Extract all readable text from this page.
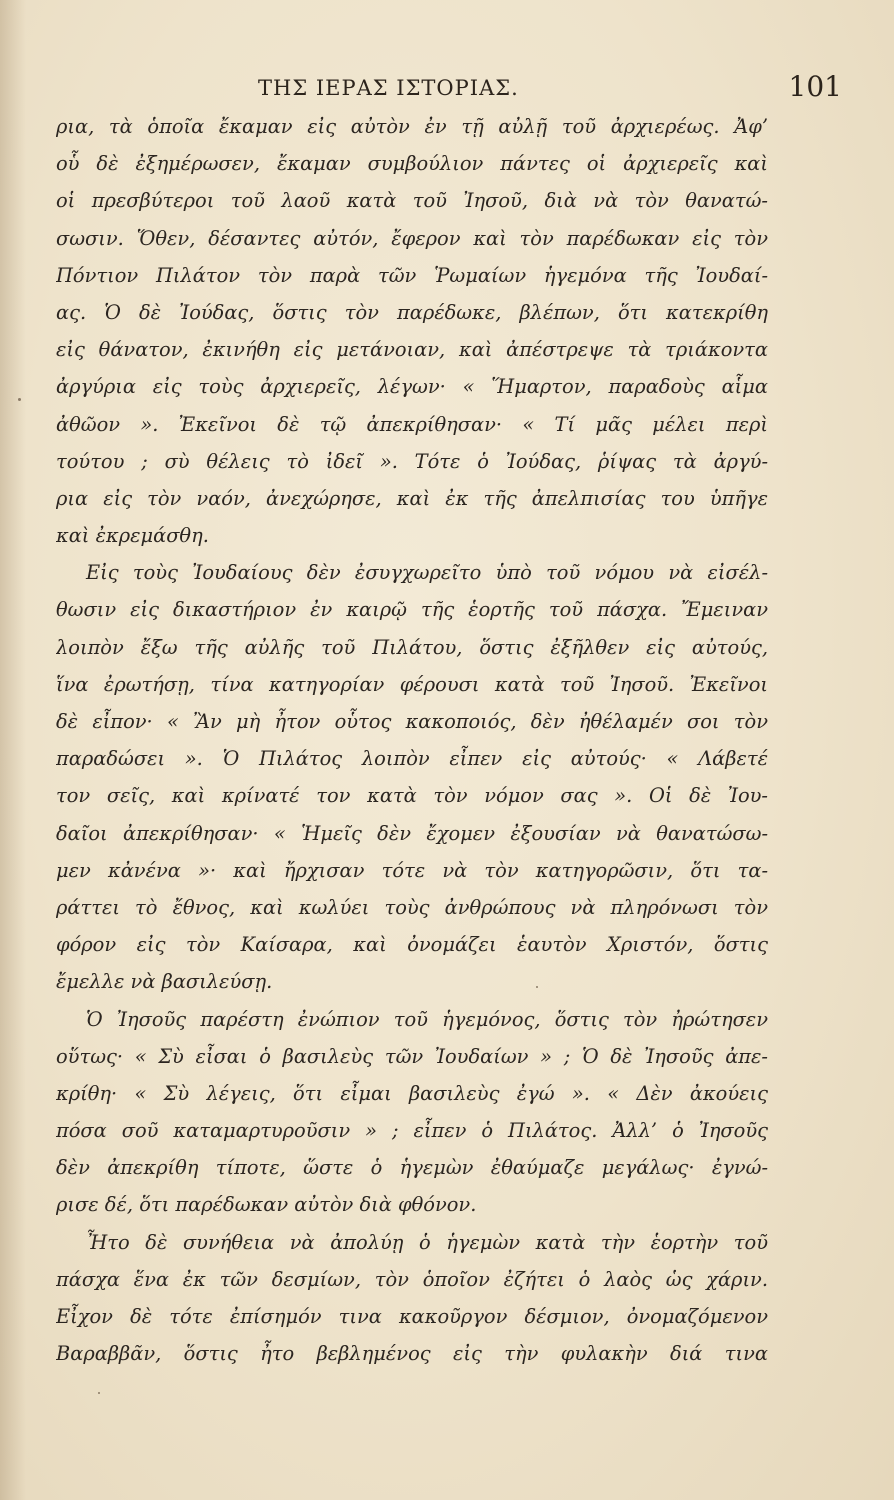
ΤΗΣ ΙΕΡΑΣ ΙΣΤΟΡΙΑΣ.	101
ρια, τὰ ὁποῖα ἔκαμαν εἰς αὐτὸν ἐν τῇ αὐλῇ τοῦ ἀρχιερέως. Ἀφ’
οὗ δὲ ἐξημέρωσεν, ἔκαμαν συμβούλιον πάντες οἱ ἀρχιερεῖς καὶ
οἱ πρεσβύτεροι τοῦ λαοῦ κατὰ τοῦ Ἰησοῦ, διὰ νὰ τὸν θανατώ-
σωσιν. Ὅθεν, δέσαντες αὐτόν, ἔφερον καὶ τὸν παρέδωκαν εἰς τὸν
Πόντιον Πιλάτον τὸν παρὰ τῶν Ῥωμαίων ἡγεμόνα τῆς Ἰουδαί-
ας. Ὁ δὲ Ἰούδας, ὅστις τὸν παρέδωκε, βλέπων, ὅτι κατεκρίθη
εἰς θάνατον, ἐκινήθη εἰς μετάνοιαν, καὶ ἀπέστρεψε τὰ τριάκοντα
ἀργύρια εἰς τοὺς ἀρχιερεῖς, λέγων· « Ἥμαρτον, παραδοὺς αἷμα
ἀθῶον ». Ἐκεῖνοι δὲ τῷ ἀπεκρίθησαν· « Τί μᾶς μέλει περὶ
τούτου ; σὺ θέλεις τὸ ἰδεῖ ». Τότε ὁ Ἰούδας, ῥίψας τὰ ἀργύ-
ρια εἰς τὸν ναόν, ἀνεχώρησε, καὶ ἐκ τῆς ἀπελπισίας του ὑπῆγε
καὶ ἐκρεμάσθη.
Εἰς τοὺς Ἰουδαίους δὲν ἐσυγχωρεῖτο ὑπὸ τοῦ νόμου νὰ εἰσέλ-
θωσιν εἰς δικαστήριον ἐν καιρῷ τῆς ἑορτῆς τοῦ πάσχα. Ἔμειναν
λοιπὸν ἔξω τῆς αὐλῆς τοῦ Πιλάτου, ὅστις ἐξῆλθεν εἰς αὐτούς,
ἵνα ἐρωτήσῃ, τίνα κατηγορίαν φέρουσι κατὰ τοῦ Ἰησοῦ. Ἐκεῖνοι
δὲ εἶπον· « Ἂν μὴ ἦτον οὗτος κακοποιός, δὲν ἠθέλαμέν σοι τὸν
παραδώσει ». Ὁ Πιλάτος λοιπὸν εἶπεν εἰς αὐτούς· « Λάβετέ
τον σεῖς, καὶ κρίνατέ τον κατὰ τὸν νόμον σας ». Οἱ δὲ Ἰου-
δαῖοι ἀπεκρίθησαν· « Ἡμεῖς δὲν ἔχομεν ἐξουσίαν νὰ θανατώσω-
μεν κἀνένα »· καὶ ἤρχισαν τότε νὰ τὸν κατηγορῶσιν, ὅτι τα-
ράττει τὸ ἔθνος, καὶ κωλύει τοὺς ἀνθρώπους νὰ πληρόνωσι τὸν
φόρον εἰς τὸν Καίσαρα, καὶ ὀνομάζει ἑαυτὸν Χριστόν, ὅστις
ἔμελλε νὰ βασιλεύσῃ.
Ὁ Ἰησοῦς παρέστη ἐνώπιον τοῦ ἡγεμόνος, ὅστις τὸν ἠρώτησεν
οὕτως· « Σὺ εἶσαι ὁ βασιλεὺς τῶν Ἰουδαίων » ; Ὁ δὲ Ἰησοῦς ἀπε-
κρίθη· « Σὺ λέγεις, ὅτι εἶμαι βασιλεὺς ἐγώ ». « Δὲν ἀκούεις
πόσα σοῦ καταμαρτυροῦσιν » ; εἶπεν ὁ Πιλάτος. Ἀλλ’ ὁ Ἰησοῦς
δὲν ἀπεκρίθη τίποτε, ὥστε ὁ ἡγεμὼν ἐθαύμαζε μεγάλως· ἐγνώ-
ρισε δέ, ὅτι παρέδωκαν αὐτὸν διὰ φθόνον.
Ἦτο δὲ συνήθεια νὰ ἀπολύῃ ὁ ἡγεμὼν κατὰ τὴν ἑορτὴν τοῦ
πάσχα ἕνα ἐκ τῶν δεσμίων, τὸν ὁποῖον ἐζήτει ὁ λαὸς ὡς χάριν.
Εἶχον δὲ τότε ἐπίσημόν τινα κακοῦργον δέσμιον, ὀνομαζόμενον
Βαραββᾶν, ὅστις ἦτο βεβλημένος εἰς τὴν φυλακὴν διά τινα
